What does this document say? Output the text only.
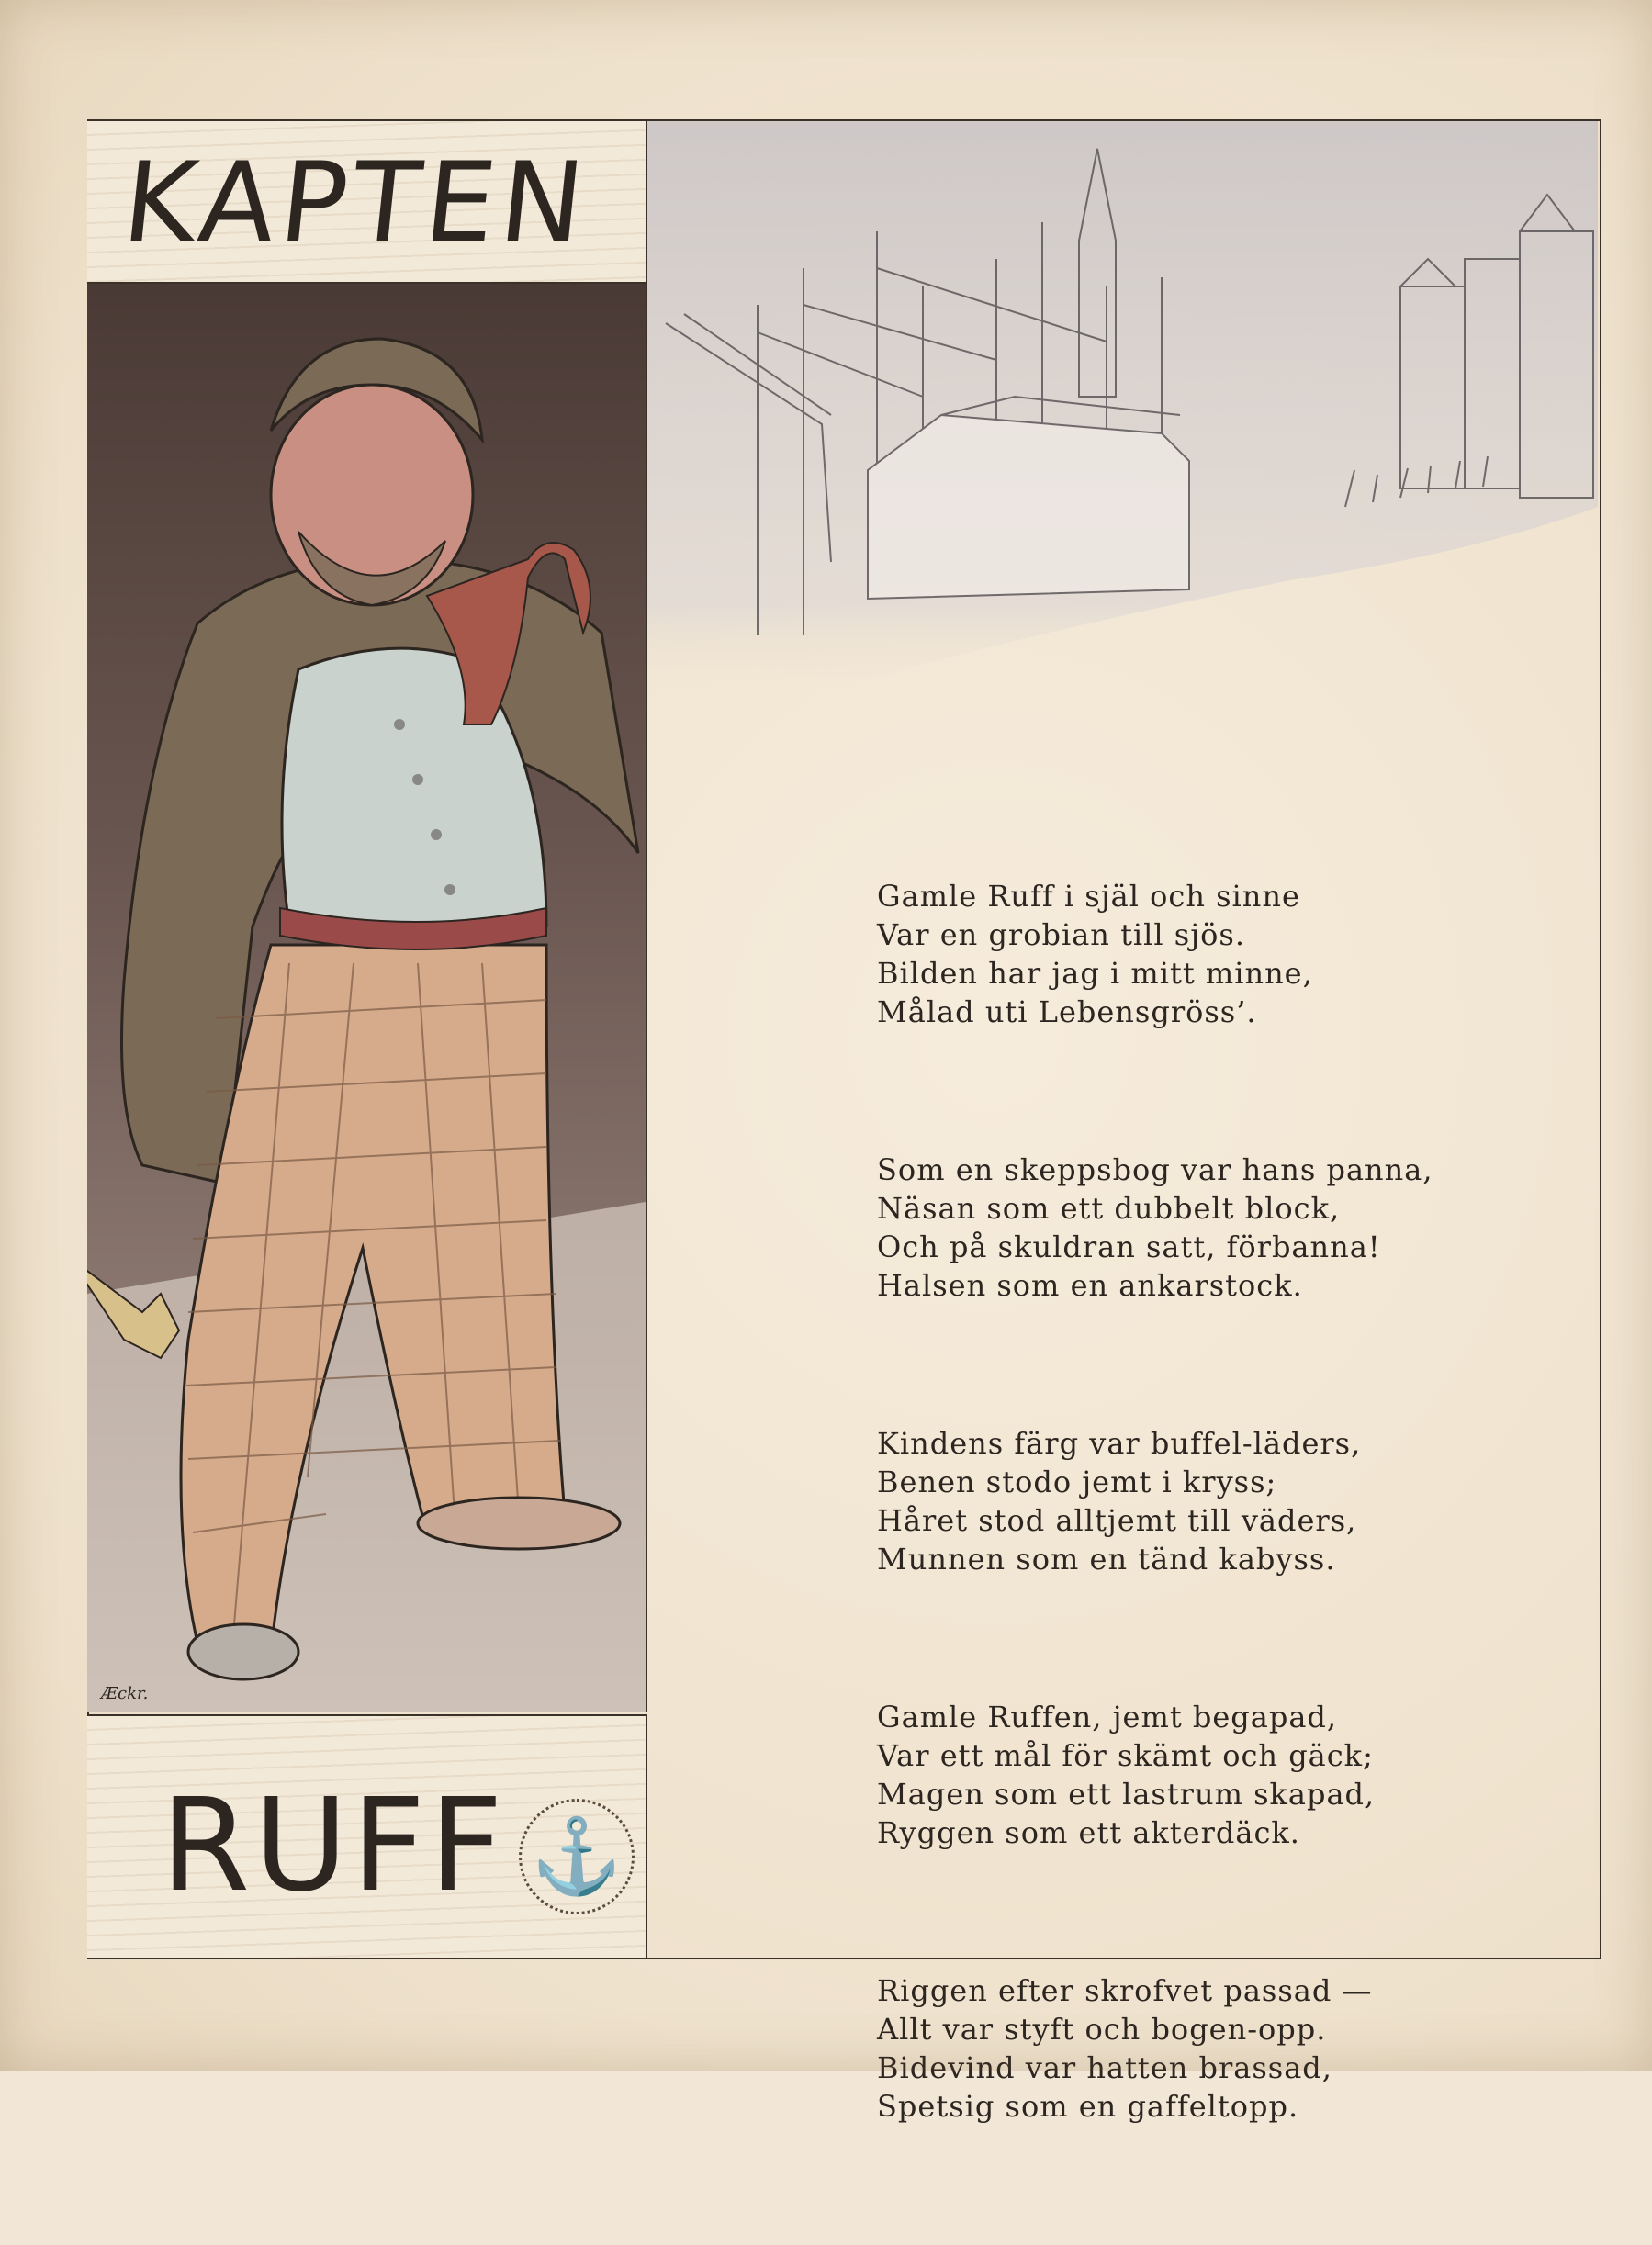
KAPTEN
Æckr.
RUFF ⚓
Gamle Ruff i själ och sinne
Var en grobian till sjös.
Bilden har jag i mitt minne,
Målad uti Lebensgröss’.
Som en skeppsbog var hans panna,
Näsan som ett dubbelt block,
Och på skuldran satt, förbanna!
Halsen som en ankarstock.
Kindens färg var buffel-läders,
Benen stodo jemt i kryss;
Håret stod alltjemt till väders,
Munnen som en tänd kabyss.
Gamle Ruffen, jemt begapad,
Var ett mål för skämt och gäck;
Magen som ett lastrum skapad,
Ryggen som ett akterdäck.
Riggen efter skrofvet passad —
Allt var styft och bogen-opp.
Bidevind var hatten brassad,
Spetsig som en gaffeltopp.
